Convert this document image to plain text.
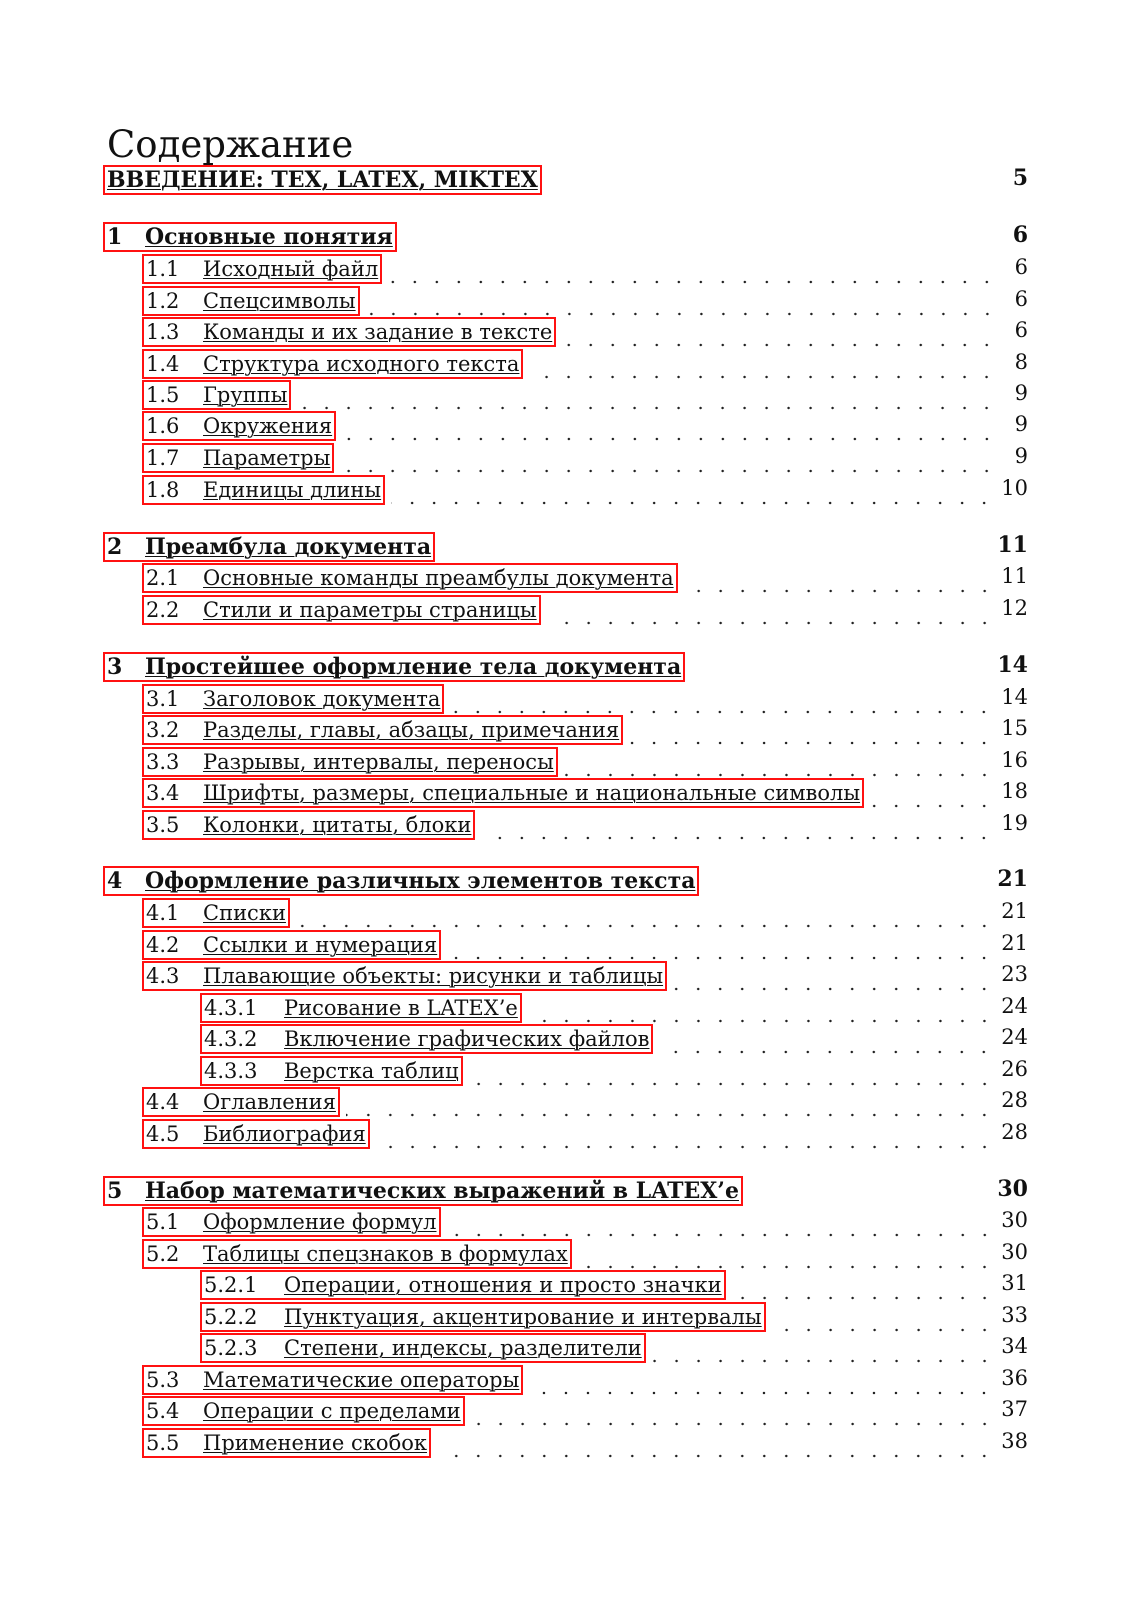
Содержание
ВВЕДЕНИЕ: TEX, LATEX, MIKTEX	5
1 Основные понятия	6
1.1 Исходный файл	6
1.2 Спецсимволы	6
1.3 Команды и их задание в тексте	6
1.4 Структура исходного текста	8
1.5 Группы	9
1.6 Окружения	9
1.7 Параметры	9
1.8 Единицы длины	10
2 Преамбула документа	11
2.1 Основные команды преамбулы документа	11
2.2 Стили и параметры страницы	12
3 Простейшее оформление тела документа	14
3.1 Заголовок документа	14
3.2 Разделы, главы, абзацы, примечания	15
3.3 Разрывы, интервалы, переносы	16
3.4 Шрифты, размеры, специальные и национальные символы	18
3.5 Колонки, цитаты, блоки	19
4 Оформление различных элементов текста	21
4.1 Списки	21
4.2 Ссылки и нумерация	21
4.3 Плавающие объекты: рисунки и таблицы	23
4.3.1 Рисование в LATEX’е	24
4.3.2 Включение графических файлов	24
4.3.3 Верстка таблиц	26
4.4 Оглавления	28
4.5 Библиография	28
5 Набор математических выражений в LATEX’е	30
5.1 Оформление формул	30
5.2 Таблицы спецзнаков в формулах	30
5.2.1 Операции, отношения и просто значки	31
5.2.2 Пунктуация, акцентирование и интервалы	33
5.2.3 Степени, индексы, разделители	34
5.3 Математические операторы	36
5.4 Операции с пределами	37
5.5 Применение скобок	38
